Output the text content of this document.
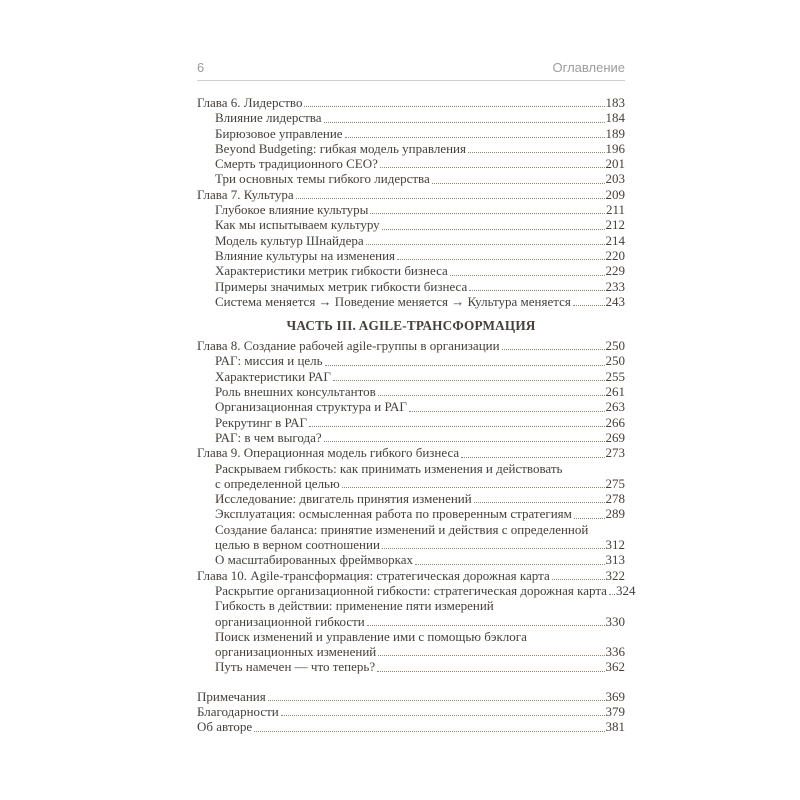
6	Оглавление
Глава 6. Лидерство	183
Влияние лидерства	184
Бирюзовое управление	189
Beyond Budgeting: гибкая модель управления	196
Смерть традиционного CEO?	201
Три основных темы гибкого лидерства	203
Глава 7. Культура	209
Глубокое влияние культуры	211
Как мы испытываем культуру	212
Модель культур Шнайдера	214
Влияние культуры на изменения	220
Характеристики метрик гибкости бизнеса	229
Примеры значимых метрик гибкости бизнеса	233
Система меняется → Поведение меняется → Культура меняется	243
ЧАСТЬ III. AGILE-ТРАНСФОРМАЦИЯ
Глава 8. Создание рабочей agile-группы в организации	250
РАГ: миссия и цель	250
Характеристики РАГ	255
Роль внешних консультантов	261
Организационная структура и РАГ	263
Рекрутинг в РАГ	266
РАГ: в чем выгода?	269
Глава 9. Операционная модель гибкого бизнеса	273
Раскрываем гибкость: как принимать изменения и действовать
с определенной целью	275
Исследование: двигатель принятия изменений	278
Эксплуатация: осмысленная работа по проверенным стратегиям	289
Создание баланса: принятие изменений и действия с определенной
целью в верном соотношении	312
О масштабированных фреймворках	313
Глава 10. Agile-трансформация: стратегическая дорожная карта	322
Раскрытие организационной гибкости: стратегическая дорожная карта 324
Гибкость в действии: применение пяти измерений
организационной гибкости	330
Поиск изменений и управление ими с помощью бэклога
организационных изменений	336
Путь намечен — что теперь?	362
Примечания	369
Благодарности	379
Об авторе	381
